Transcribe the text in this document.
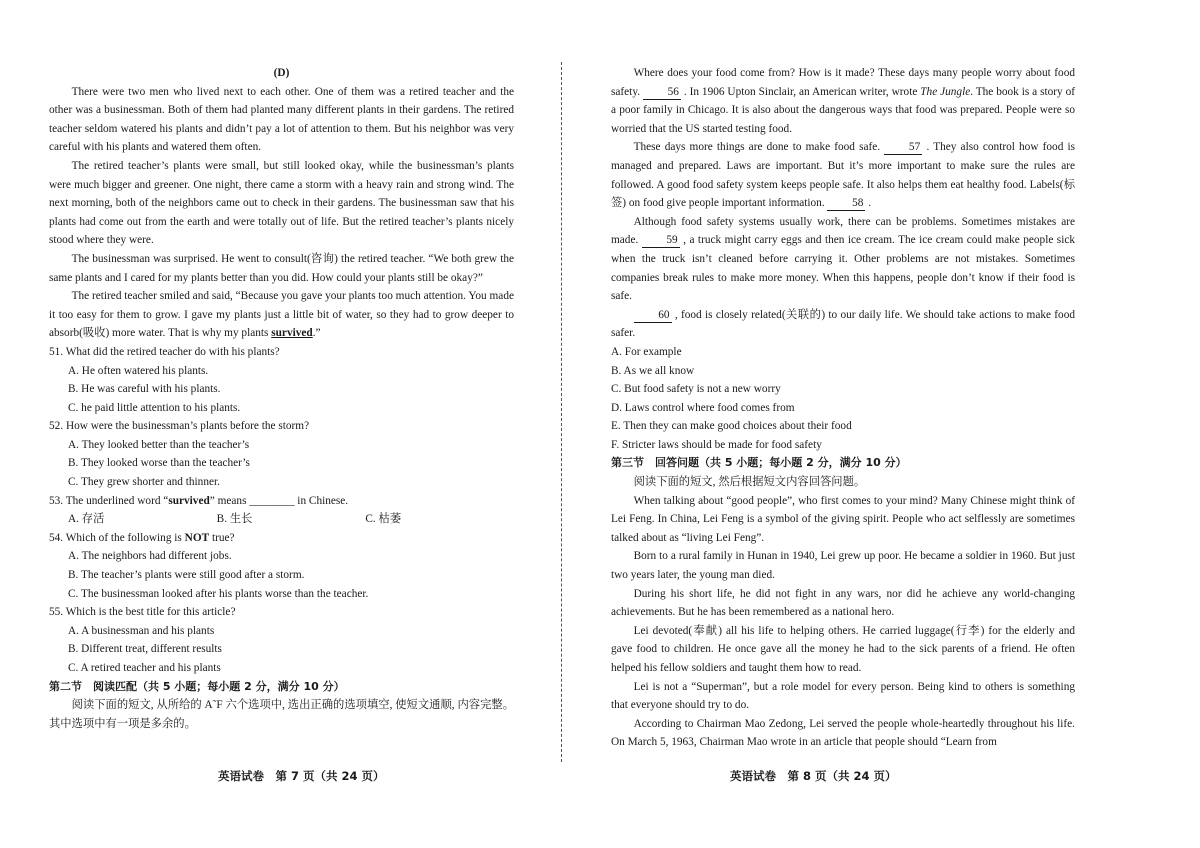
(D)

There were two men who lived next to each other. One of them was a retired teacher and the other was a businessman. Both of them had planted many different plants in their gardens. The retired teacher seldom watered his plants and didn’t pay a lot of attention to them. But his neighbor was very careful with his plants and watered them often.

The retired teacher’s plants were small, but still looked okay, while the businessman’s plants were much bigger and greener. One night, there came a storm with a heavy rain and strong wind. The next morning, both of the neighbors came out to check in their gardens. The businessman saw that his plants had come out from the earth and were totally out of life. But the retired teacher’s plants nicely stood where they were.

The businessman was surprised. He went to consult(咨询) the retired teacher. “We both grew the same plants and I cared for my plants better than you did. How could your plants still be okay?”

The retired teacher smiled and said, “Because you gave your plants too much attention. You made it too easy for them to grow. I gave my plants just a little bit of water, so they had to grow deeper to absorb(吸收) more water. That is why my plants survived.”

51. What did the retired teacher do with his plants?

A. He often watered his plants.

B. He was careful with his plants.

C. he paid little attention to his plants.

52. How were the businessman’s plants before the storm?

A. They looked better than the teacher’s

B. They looked worse than the teacher’s

C. They grew shorter and thinner.

53. The underlined word “survived” means ________ in Chinese.

A. 存活	B. 生长	C. 枯萎

54. Which of the following is NOT true?

A. The neighbors had different jobs.

B. The teacher’s plants were still good after a storm.

C. The businessman looked after his plants worse than the teacher.

55. Which is the best title for this article?

A. A businessman and his plants

B. Different treat, different results

C. A retired teacher and his plants

第二节　阅读匹配（共 5 小题；每小题 2 分，满分 10 分）

阅读下面的短文, 从所给的 A˜F 六个选项中, 选出正确的选项填空, 使短文通顺, 内容完整。其中选项中有一项是多余的。

Where does your food come from? How is it made? These days many people worry about food safety. 56 . In 1906 Upton Sinclair, an American writer, wrote The Jungle. The book is a story of a poor family in Chicago. It is also about the dangerous ways that food was prepared. People were so worried that the US started testing food.

These days more things are done to make food safe.	57 . They also control how food is managed and prepared. Laws are important. But it’s more important to make sure the rules are followed. A good food safety system keeps people safe. It also helps them eat healthy food. Labels(标签) on food give people important information. 58 .

Although food safety systems usually work, there can be problems. Sometimes mistakes are made. 59 , a truck might carry eggs and then ice cream. The ice cream could make people sick when the truck isn’t cleaned before carrying it. Other problems are not mistakes. Sometimes companies break rules to make more money. When this happens, people don’t know if their food is safe.

60 , food is closely related(关联的) to our daily life. We should take actions to make food safer.

A. For example

B. As we all know

C. But food safety is not a new worry

D. Laws control where food comes from

E. Then they can make good choices about their food

F. Stricter laws should be made for food safety

第三节　回答问题（共 5 小题；每小题 2 分，满分 10 分）

阅读下面的短文, 然后根据短文内容回答问题。

When talking about “good people”, who first comes to your mind? Many Chinese might think of Lei Feng. In China, Lei Feng is a symbol of the giving spirit. People who act selflessly are sometimes talked about as “living Lei Feng”.

Born to a rural family in Hunan in 1940, Lei grew up poor. He became a soldier in 1960. But just two years later, the young man died.

During his short life, he did not fight in any wars, nor did he achieve any world-changing achievements. But he has been remembered as a national hero.

Lei devoted(奉献) all his life to helping others. He carried luggage(行李) for the elderly and gave food to children. He once gave all the money he had to the sick parents of a friend. He often helped his fellow soldiers and taught them how to read.

Lei is not a “Superman”, but a role model for every person. Being kind to others is something that everyone should try to do.

According to Chairman Mao Zedong, Lei served the people whole-heartedly throughout his life. On March 5, 1963, Chairman Mao wrote in an article that people should “Learn from

英语试卷　第 7 页（共 24 页）	英语试卷　第 8 页（共 24 页）
